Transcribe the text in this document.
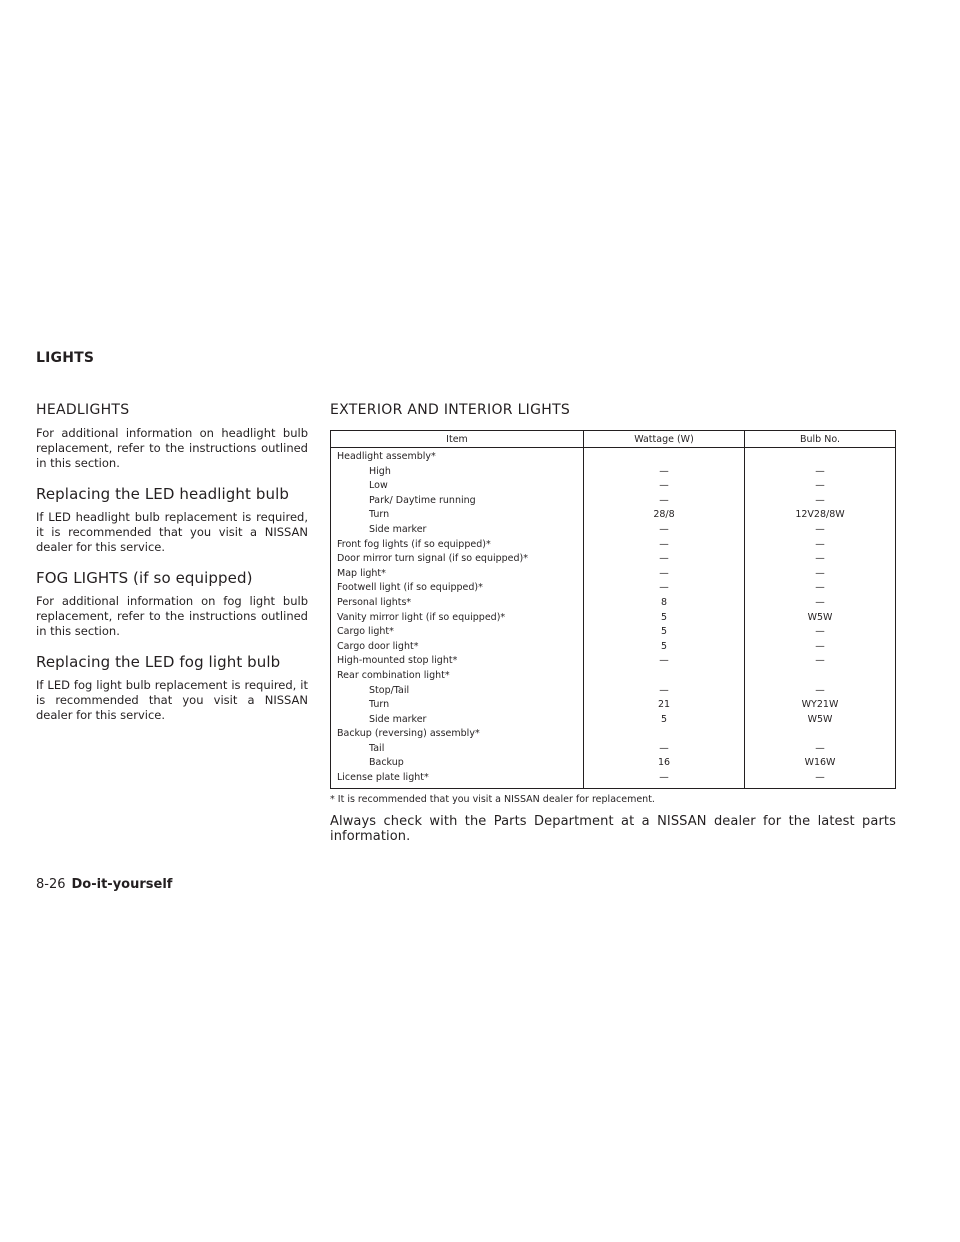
LIGHTS
HEADLIGHTS

For additional information on headlight bulb replacement, refer to the instructions outlined in this section.

Replacing the LED headlight bulb

If LED headlight bulb replacement is required, it is recommended that you visit a NISSAN dealer for this service.

FOG LIGHTS (if so equipped)

For additional information on fog light bulb replacement, refer to the instructions outlined in this section.

Replacing the LED fog light bulb

If LED fog light bulb replacement is required, it is recommended that you visit a NISSAN dealer for this service.

EXTERIOR AND INTERIOR LIGHTS
Item	Wattage (W)	Bulb No.
Headlight assembly*		
High	—	—
Low	—	—
Park/ Daytime running	—	—
Turn	28/8	12V28/8W
Side marker	—	—
Front fog lights (if so equipped)*	—	—
Door mirror turn signal (if so equipped)*	—	—
Map light*	—	—
Footwell light (if so equipped)*	—	—
Personal lights*	8	—
Vanity mirror light (if so equipped)*	5	W5W
Cargo light*	5	—
Cargo door light*	5	—
High-mounted stop light*	—	—
Rear combination light*		
Stop/Tail	—	—
Turn	21	WY21W
Side marker	5	W5W
Backup (reversing) assembly*		
Tail	—	—
Backup	16	W16W
License plate light*	—	—

* It is recommended that you visit a NISSAN dealer for replacement.

Always check with the Parts Department at a NISSAN dealer for the latest parts information.

8-26 Do-it-yourself
